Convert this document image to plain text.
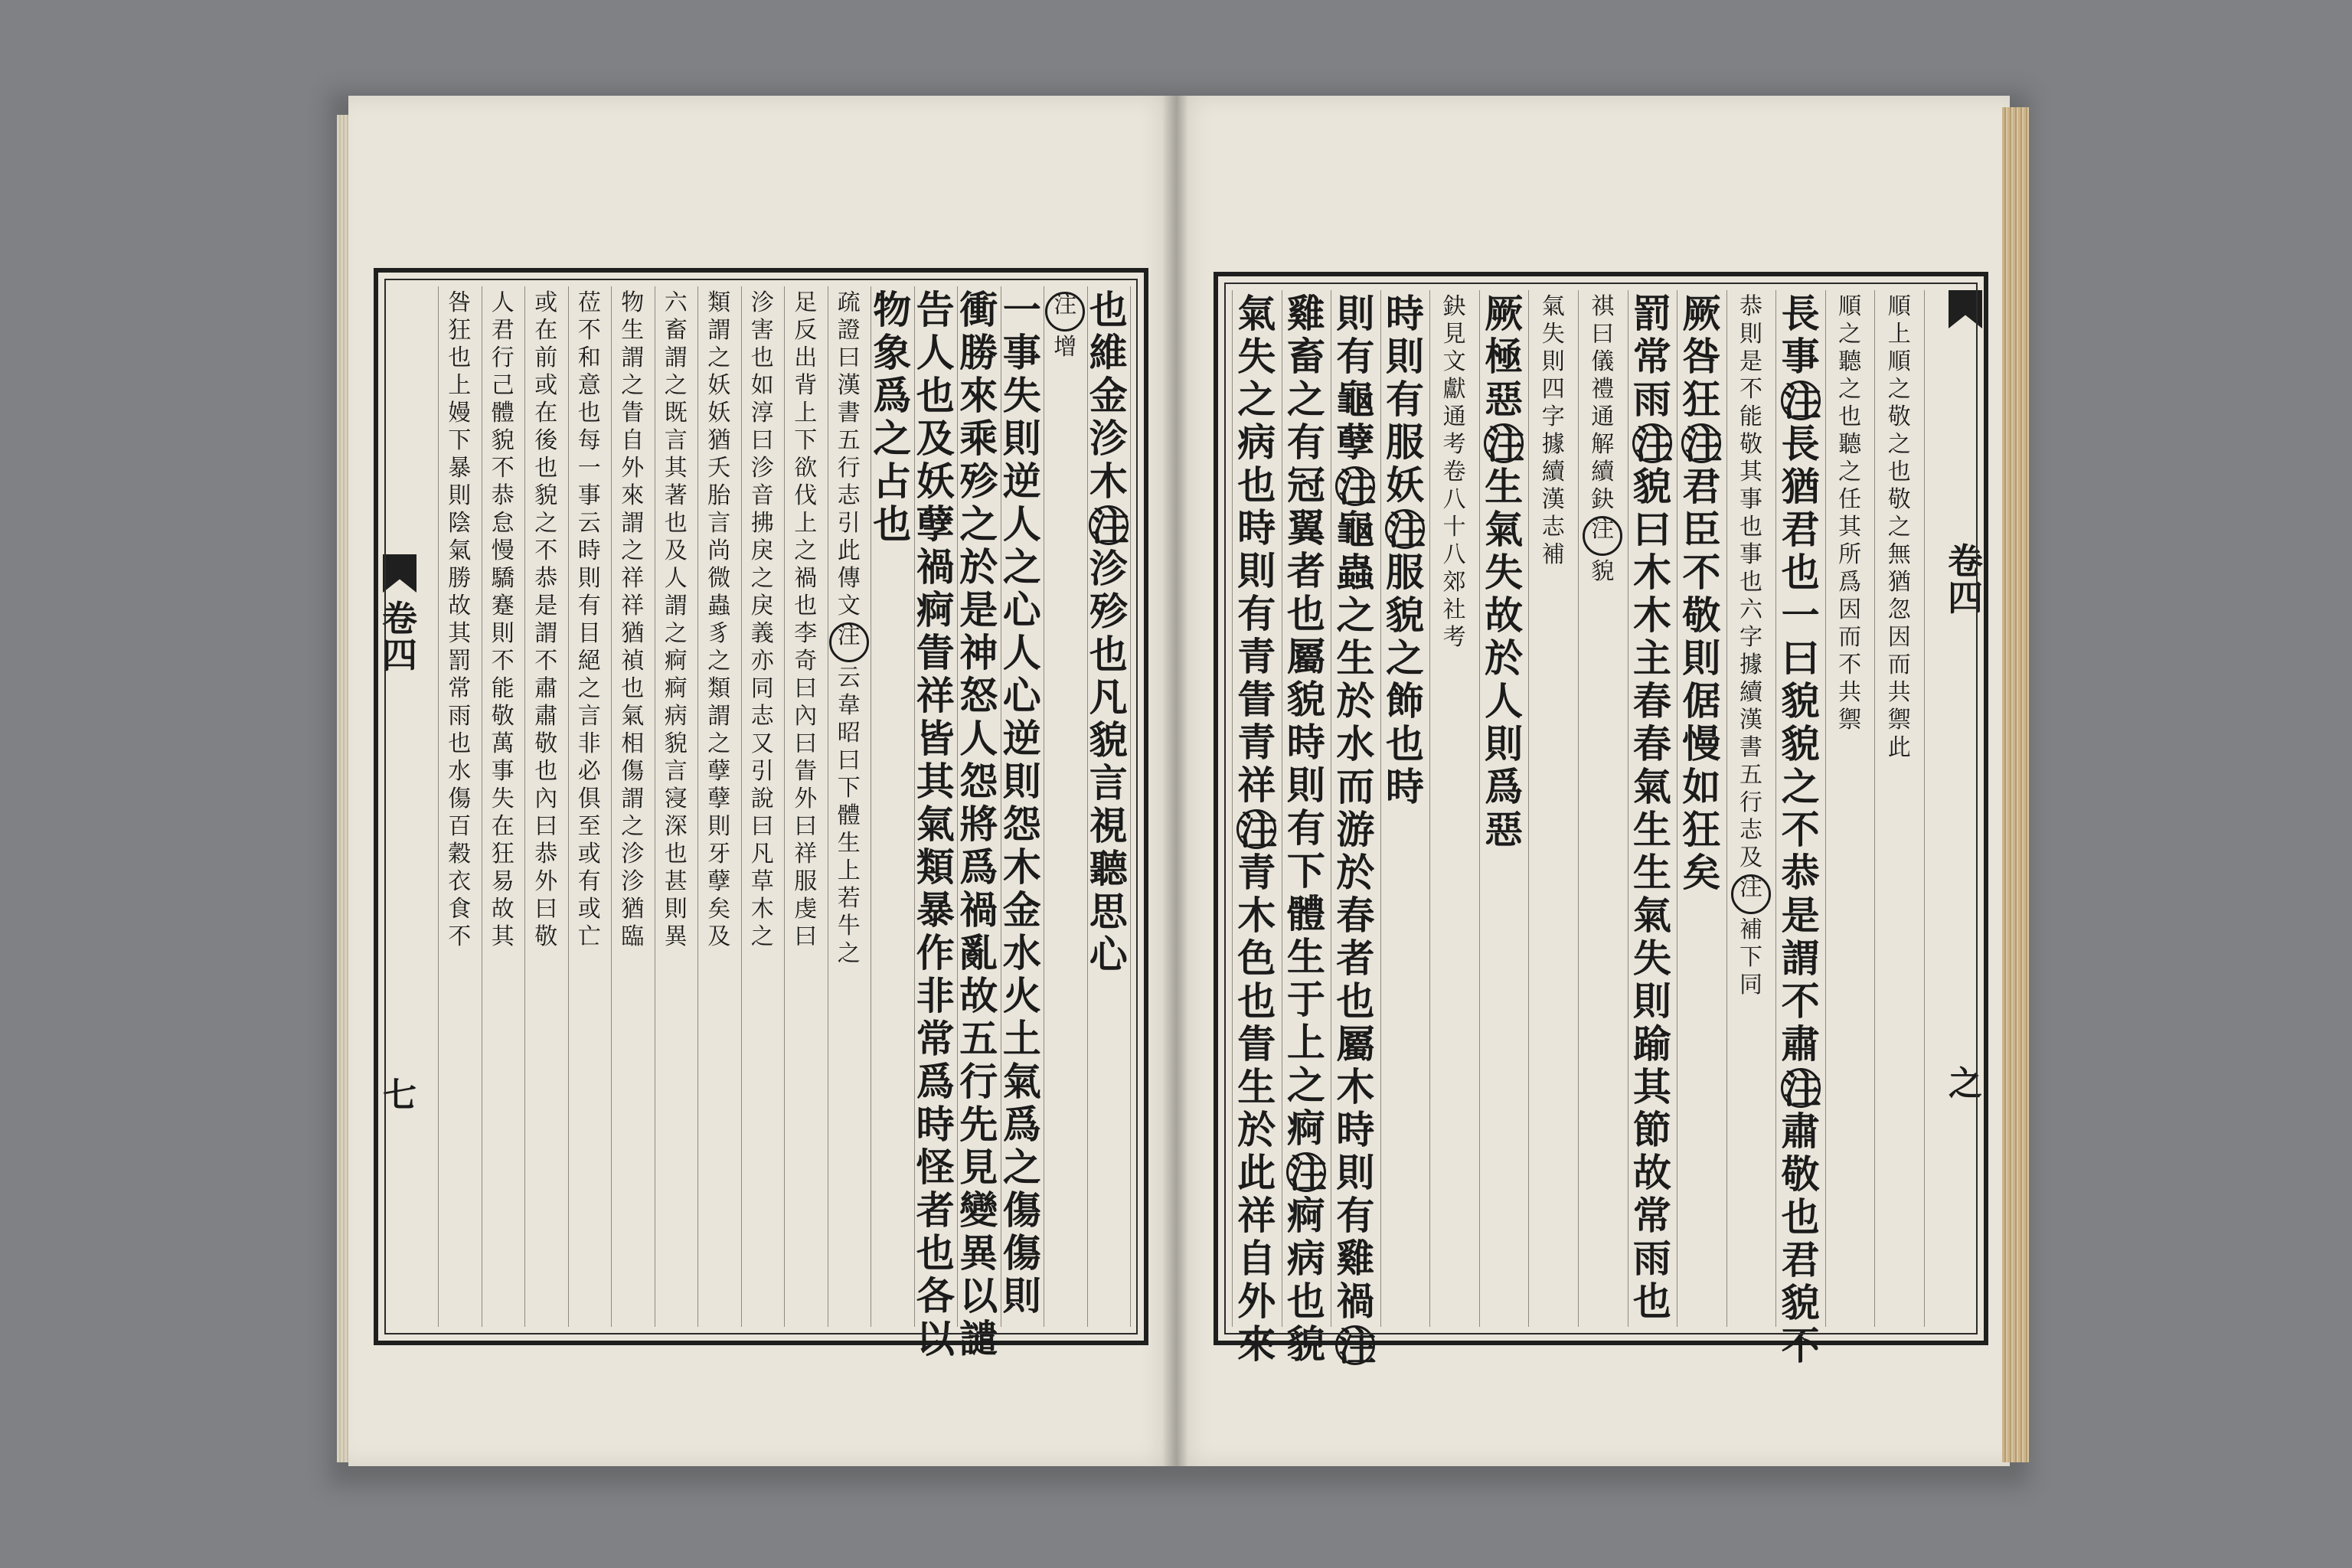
卷
四
七
也
維
金
沴
木
注
沴
殄
也
凡
貌
言
視
聽
思
心
注
增
一
事
失
則
逆
人
之
心
人
心
逆
則
怨
木
金
水
火
土
氣
爲
之
傷
傷
則
衝
勝
來
乘
殄
之
於
是
神
怒
人
怨
將
爲
禍
亂
故
五
行
先
見
變
異
以
譴
告
人
也
及
妖
孽
禍
痾
眚
祥
皆
其
氣
類
暴
作
非
常
爲
時
怪
者
也
各
以
物
象
爲
之
占
也
疏
證
曰
漢
書
五
行
志
引
此
傳
文
注
云
韋
昭
曰
下
體
生
上
若
牛
之
足
反
出
背
上
下
欲
伐
上
之
禍
也
李
奇
曰
內
曰
眚
外
曰
祥
服
虔
曰
沴
害
也
如
淳
曰
沴
音
拂
戾
之
戾
義
亦
同
志
又
引
說
曰
凡
草
木
之
類
謂
之
妖
妖
猶
夭
胎
言
尚
微
蟲
豸
之
類
謂
之
孽
孽
則
牙
孽
矣
及
六
畜
謂
之
既
言
其
著
也
及
人
謂
之
痾
痾
病
貌
言
寖
深
也
甚
則
異
物
生
謂
之
眚
自
外
來
謂
之
祥
祥
猶
禎
也
氣
相
傷
謂
之
沴
沴
猶
臨
莅
不
和
意
也
每
一
事
云
時
則
有
目
絕
之
言
非
必
俱
至
或
有
或
亡
或
在
前
或
在
後
也
貌
之
不
恭
是
謂
不
肅
肅
敬
也
內
曰
恭
外
曰
敬
人
君
行
己
體
貌
不
恭
怠
慢
驕
蹇
則
不
能
敬
萬
事
失
在
狂
易
故
其
咎
狂
也
上
嫚
下
暴
則
陰
氣
勝
故
其
罰
常
雨
也
水
傷
百
穀
衣
食
不
卷
四
之
順
上
順
之
敬
之
也
敬
之
無
猶
忽
因
而
共
禦
此
順
之
聽
之
也
聽
之
任
其
所
爲
因
而
不
共
禦
長
事
注
長
猶
君
也
一
曰
貌
貌
之
不
恭
是
謂
不
肅
注
肅
敬
也
君
貌
不
恭
則
是
不
能
敬
其
事
也
事
也
六
字
據
續
漢
書
五
行
志
及
注
補
下
同
厥
咎
狂
注
君
臣
不
敬
則
倨
慢
如
狂
矣
罰
常
雨
注
貌
曰
木
木
主
春
春
氣
生
生
氣
失
則
踰
其
節
故
常
雨
也
祺
曰
儀
禮
通
解
續
鈌
注
貌
氣
失
則
四
字
據
續
漢
志
補
厥
極
惡
注
生
氣
失
故
於
人
則
爲
惡
鈌
見
文
獻
通
考
卷
八
十
八
郊
社
考
時
則
有
服
妖
注
服
貌
之
飾
也
時
則
有
龜
孽
注
龜
蟲
之
生
於
水
而
游
於
春
者
也
屬
木
時
則
有
雞
禍
注
雞
畜
之
有
冠
翼
者
也
屬
貌
時
則
有
下
體
生
于
上
之
痾
注
痾
病
也
貌
氣
失
之
病
也
時
則
有
青
眚
青
祥
注
青
木
色
也
眚
生
於
此
祥
自
外
來
